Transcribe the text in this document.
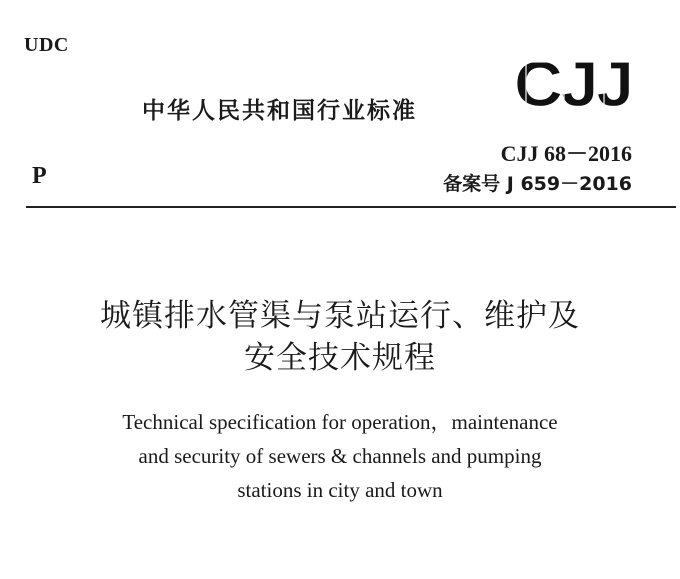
UDC
中华人民共和国行业标准 CJJ
P
CJJ 68－2016
备案号 J 659－2016
城镇排水管渠与泵站运行、维护及
安全技术规程
Technical specification for operation，maintenance
and security of sewers & channels and pumping
stations in city and town
